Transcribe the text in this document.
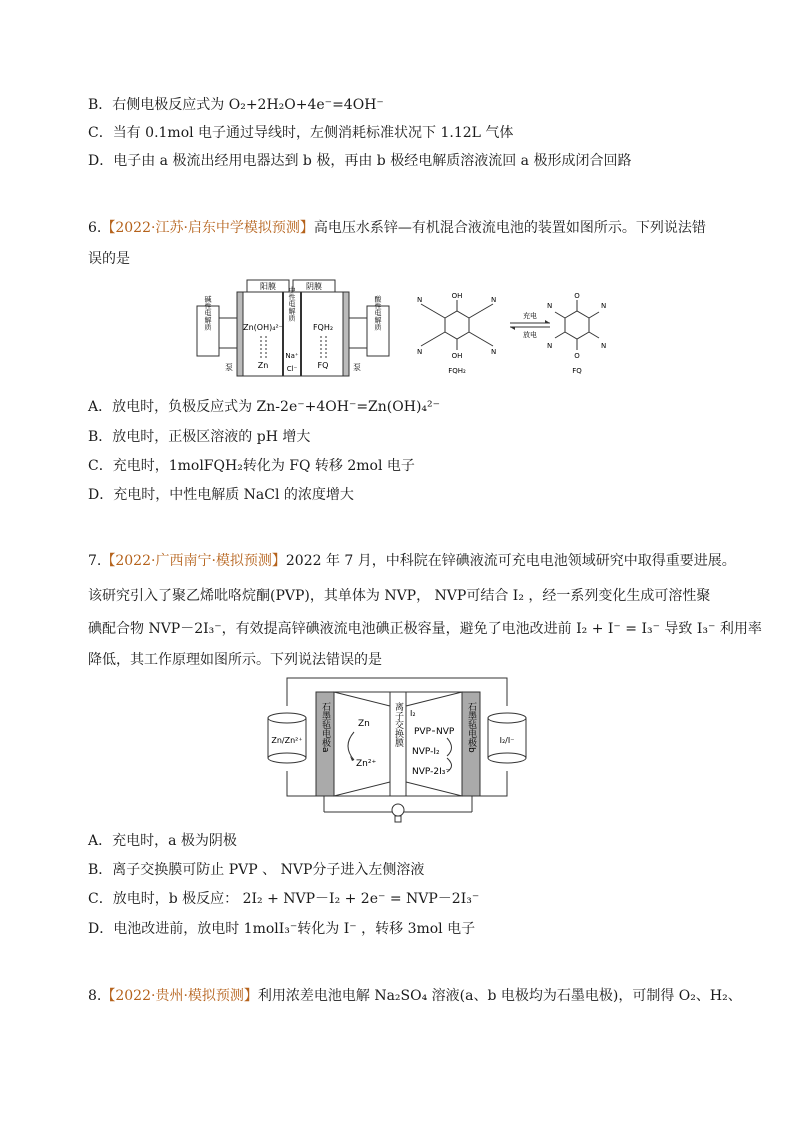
B．右侧电极反应式为 O₂+2H₂O+4e⁻=4OH⁻
C．当有 0.1mol 电子通过导线时，左侧消耗标准状况下 1.12L 气体
D．电子由 a 极流出经用电器达到 b 极，再由 b 极经电解质溶液流回 a 极形成闭合回路
6.【2022·江苏·启东中学模拟预测】高电压水系锌—有机混合液流电池的装置如图所示。下列说法错
误的是
碱性电解质
阳膜	阴膜
Zn(OH)₄²⁻
Zn
中性电解质
Na⁺
Cl⁻
FQH₂
FQ
泵
酸性电解质
泵
OH
OH
N	N
N	N
FQH₂
充电
放电
O
O
N	N
N	N
FQ
A．放电时，负极反应式为 Zn-2e⁻+4OH⁻=Zn(OH)₄²⁻
B．放电时，正极区溶液的 pH 增大
C．充电时，1molFQH₂转化为 FQ 转移 2mol 电子
D．充电时，中性电解质 NaCl 的浓度增大
7.【2022·广西南宁·模拟预测】2022 年 7 月，中科院在锌碘液流可充电电池领域研究中取得重要进展。
该研究引入了聚乙烯吡咯烷酮(PVP)，其单体为 NVP， NVP可结合 I₂ ，经一系列变化生成可溶性聚
碘配合物 NVP－2I₃⁻，有效提高锌碘液流电池碘正极容量，避免了电池改进前 I₂ + I⁻ = I₃⁻ 导致 I₃⁻ 利用率
降低，其工作原理如图所示。下列说法错误的是
石墨毡电极a	石墨毡电极b
离子交换膜
Zn
Zn²⁺
I₂
PVP NVP
NVP-I₂
NVP-2I₃⁻
Zn/Zn²⁺	I₂/I⁻
A．充电时，a 极为阴极
B．离子交换膜可防止 PVP 、 NVP分子进入左侧溶液
C．放电时，b 极反应： 2I₂ + NVP－I₂ + 2e⁻ = NVP－2I₃⁻
D．电池改进前，放电时 1molI₃⁻转化为 I⁻ ，转移 3mol 电子
8.【2022·贵州·模拟预测】利用浓差电池电解 Na₂SO₄ 溶液(a、b 电极均为石墨电极)，可制得 O₂、H₂、
